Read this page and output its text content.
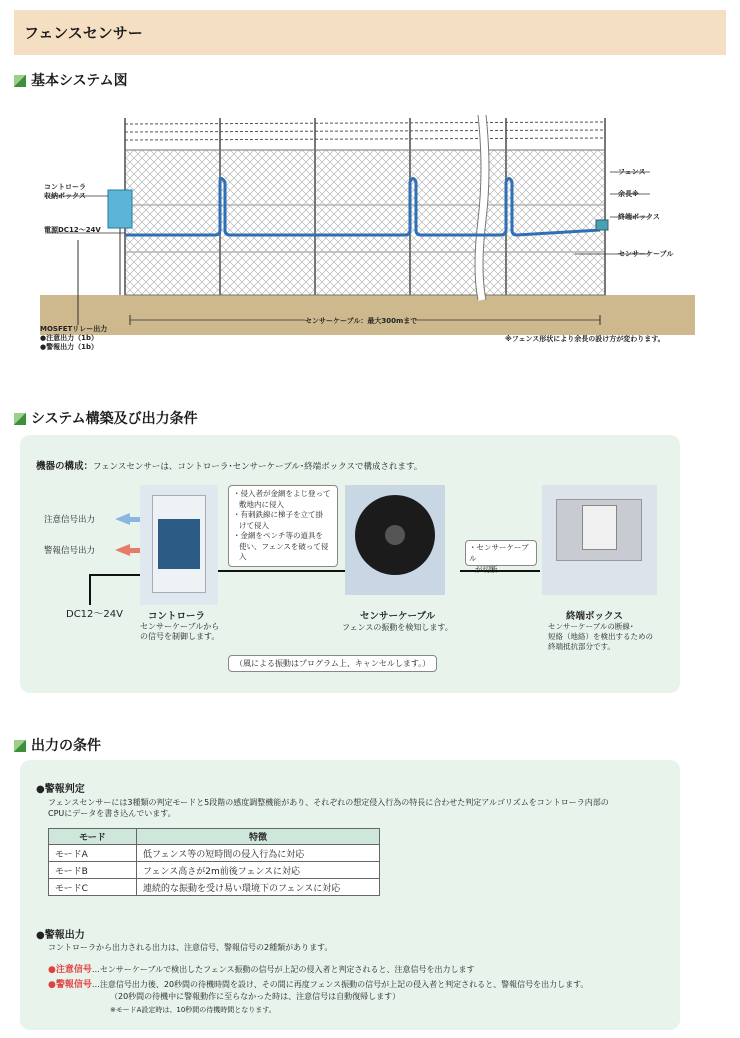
フェンスセンサー
基本システム図
コントローラ
収納ボックス
電源DC12～24V
フェンス
余長※
終端ボックス
センサーケーブル
センサーケーブル：最大300mまで
MOSFETリレー出力
●注意出力（1b）
●警報出力（1b）
※フェンス形状により余長の設け方が変わります。
システム構築及び出力条件
機器の構成：フェンスセンサーは、コントローラ･センサーケーブル･終端ボックスで構成されます。
注意信号出力
警報信号出力
DC12～24V	コントローラ
センサーケーブルから
の信号を制御します。
・侵入者が金網をよじ登って
敷地内に侵入
・有刺鉄線に梯子を立て掛
けて侵入
・金網をペンチ等の道具を
使い、フェンスを破って侵入
センサーケーブル
フェンスの振動を検知します。
・センサーケーブル
が切断
終端ボックス
センサーケーブルの断線･
短絡（地絡）を検出するための
終端抵抗部分です。
（風による振動はプログラム上、キャンセルします。）
出力の条件
●警報判定
フェンスセンサーには3種類の判定モードと5段階の感度調整機能があり、それぞれの想定侵入行為の特長に合わせた判定アルゴリズムをコントローラ内部の
CPUにデータを書き込んでいます。
モード	特徴
モードA	低フェンス等の短時間の侵入行為に対応
モードB	フェンス高さが2m前後フェンスに対応
モードC	連続的な振動を受け易い環境下のフェンスに対応
●警報出力
コントローラから出力される出力は、注意信号、警報信号の2種類があります。
●注意信号…センサーケーブルで検出したフェンス振動の信号が上記の侵入者と判定されると、注意信号を出力します
●警報信号…注意信号出力後、20秒間の待機時間を設け、その間に再度フェンス振動の信号が上記の侵入者と判定されると、警報信号を出力します。
（20秒間の待機中に警報動作に至らなかった時は、注意信号は自動復帰します）
※モードA設定時は、10秒間の待機時間となります。
